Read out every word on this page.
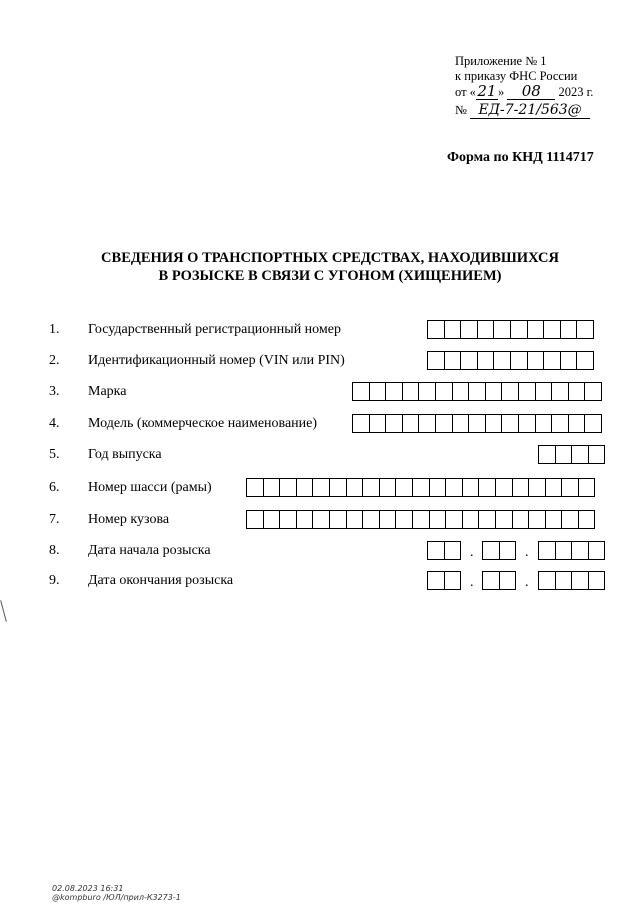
Приложение № 1
к приказу ФНС России
от «21» 08 2023 г.
№ ЕД-7-21/563@
Форма по КНД 1114717
СВЕДЕНИЯ О ТРАНСПОРТНЫХ СРЕДСТВАХ, НАХОДИВШИХСЯ
В РОЗЫСКЕ В СВЯЗИ С УГОНОМ (ХИЩЕНИЕМ)
1. Государственный регистрационный номер
2. Идентификационный номер (VIN или PIN)
3. Марка
4. Модель (коммерческое наименование)
5. Год выпуска
6. Номер шасси (рамы)
7. Номер кузова
8. Дата начала розыска	.	.
9. Дата окончания розыска	.	.
02.08.2023 16:31
@kompburo /ЮЛ/прил-К3273-1
